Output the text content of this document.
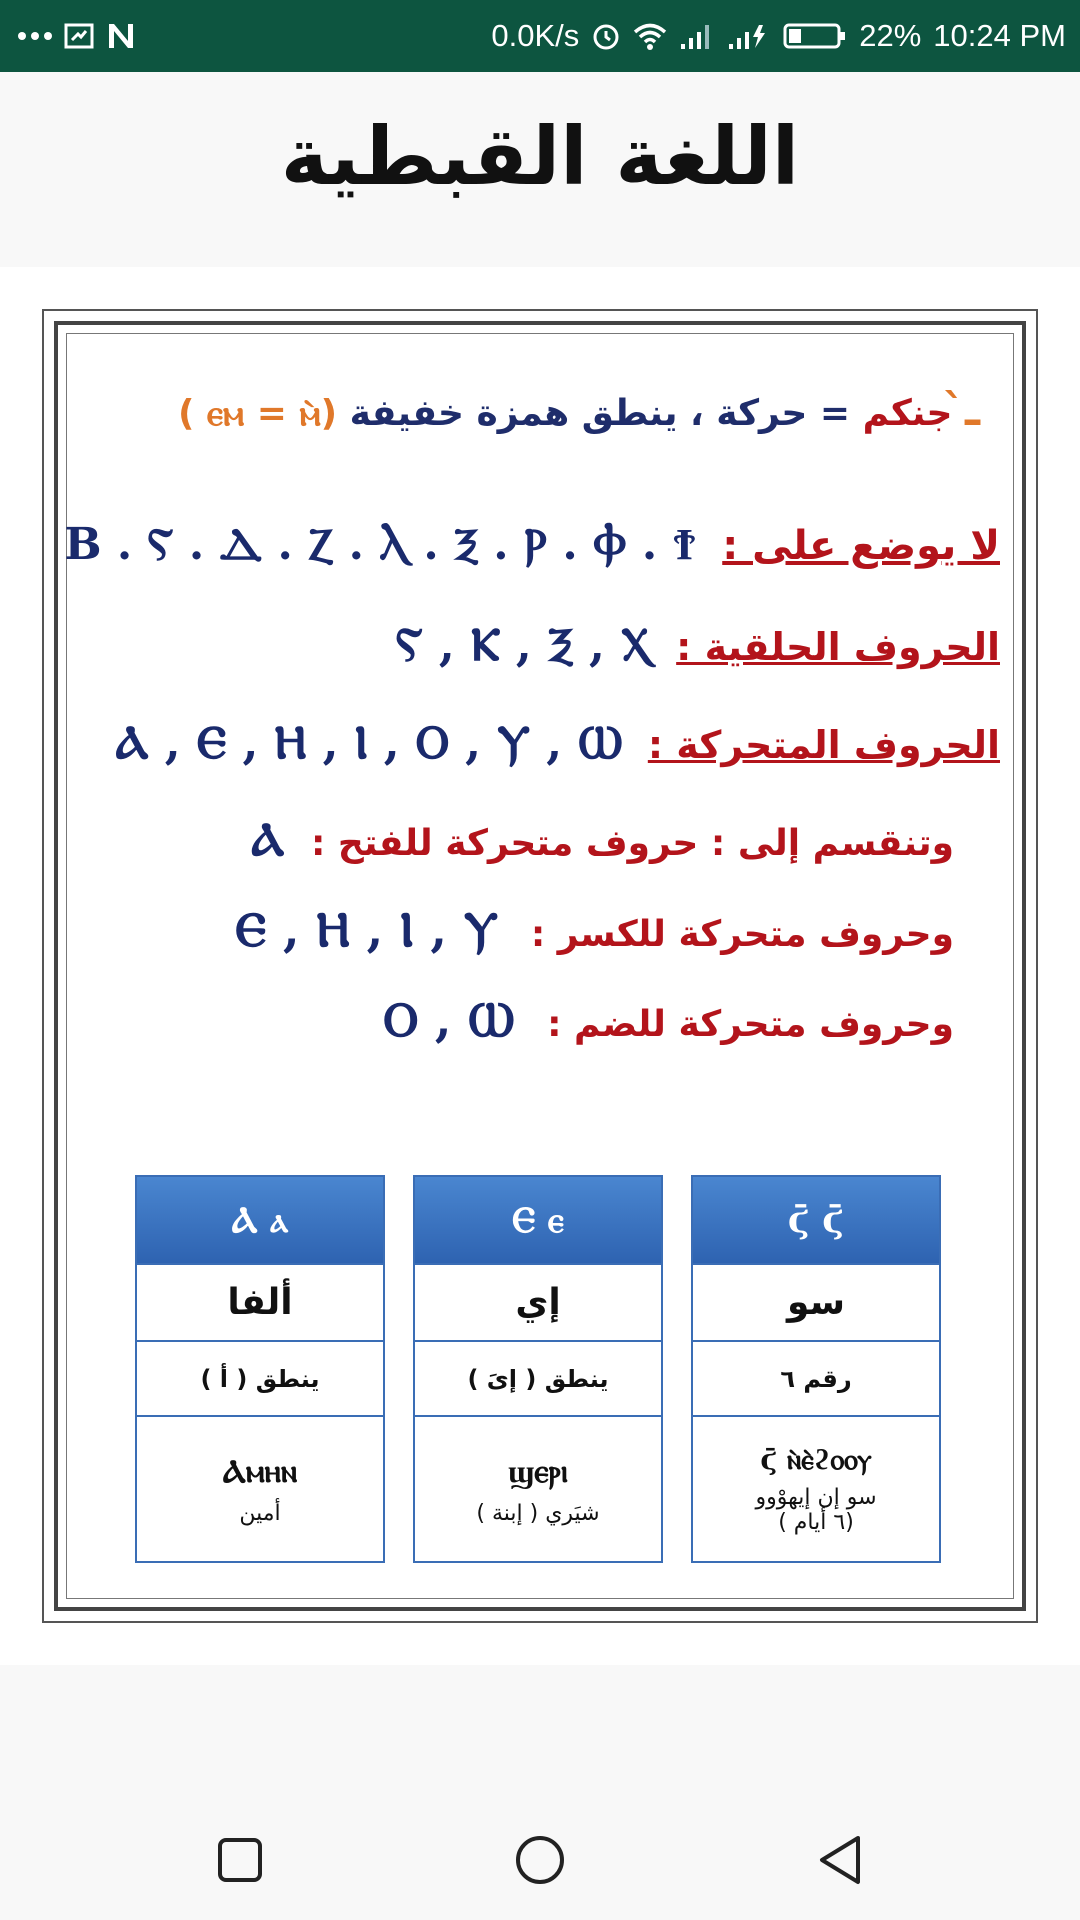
0.0K/s	22% 10:24 PM
اللغة القبطية
ـ̀ جنكم = حركة ، ينطق همزة خفيفة (ⲉⲙ = ⲙ̀ )
لا يوضع على : B . Ⲋ . Ⲇ . Ⲍ . Ⲗ . Ⲝ . Ⲣ . Ⲫ . Ϯ
الحروف الحلقية : Ⲋ , Ⲕ , Ⲝ , Ⲭ
الحروف المتحركة : Ⲁ , Ⲉ , Ⲏ , Ⲓ , Ⲟ , Ⲩ , Ⲱ
وتنقسم إلى : حروف متحركة للفتح : Ⲁ
وحروف متحركة للكسر : Ⲉ , Ⲏ , Ⲓ , Ⲩ
وحروف متحركة للضم : Ⲟ , Ⲱ
Ⲁ ⲁ
ألفا
ينطق ( أ )
Ⲁⲙⲏⲛ
أمين
Ⲉ ⲉ
إي
ينطق ( إىَ )
ϣⲉⲣⲓ
شيَري ( إبنة )
ϛ̄ ϛ̄
سو
رقم ٦
ϛ̄ ⲛ̀ⲉ̀ϩⲟⲟⲩ
سو إن إيهوْوو
(٦ أيام )
